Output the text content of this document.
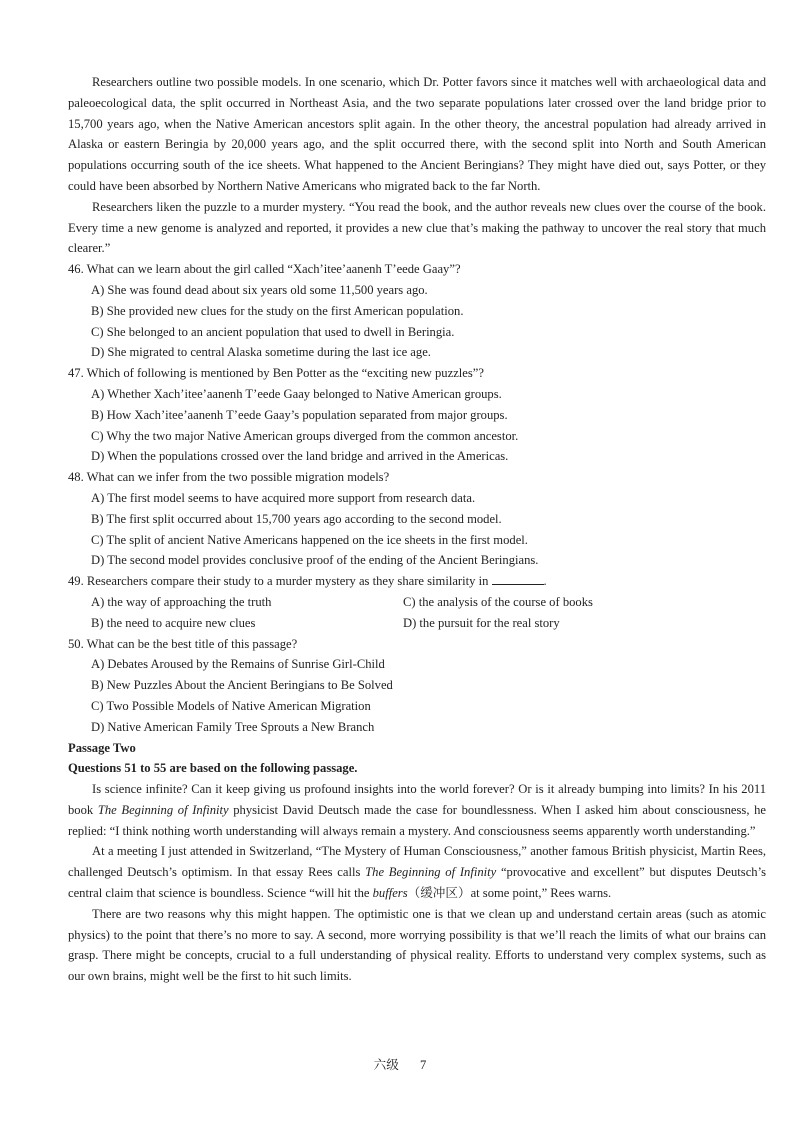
Researchers outline two possible models. In one scenario, which Dr. Potter favors since it matches well with archaeological data and paleoecological data, the split occurred in Northeast Asia, and the two separate populations later crossed over the land bridge prior to 15,700 years ago, when the Native American ancestors split again. In the other theory, the ancestral population had already arrived in Alaska or eastern Beringia by 20,000 years ago, and the split occurred there, with the second split into North and South American populations occurring south of the ice sheets. What happened to the Ancient Beringians? They might have died out, says Potter, or they could have been absorbed by Northern Native Americans who migrated back to the far North.

Researchers liken the puzzle to a murder mystery. “You read the book, and the author reveals new clues over the course of the book. Every time a new genome is analyzed and reported, it provides a new clue that’s making the pathway to uncover the real story that much clearer.”

46. What can we learn about the girl called “Xach’itee’aanenh T’eede Gaay”?

A) She was found dead about six years old some 11,500 years ago.

B) She provided new clues for the study on the first American population.

C) She belonged to an ancient population that used to dwell in Beringia.

D) She migrated to central Alaska sometime during the last ice age.

47. Which of following is mentioned by Ben Potter as the “exciting new puzzles”?

A) Whether Xach’itee’aanenh T’eede Gaay belonged to Native American groups.

B) How Xach’itee’aanenh T’eede Gaay’s population separated from major groups.

C) Why the two major Native American groups diverged from the common ancestor.

D) When the populations crossed over the land bridge and arrived in the Americas.

48. What can we infer from the two possible migration models?

A) The first model seems to have acquired more support from research data.

B) The first split occurred about 15,700 years ago according to the second model.

C) The split of ancient Native Americans happened on the ice sheets in the first model.

D) The second model provides conclusive proof of the ending of the Ancient Beringians.

49. Researchers compare their study to a murder mystery as they share similarity in	.

A) the way of approaching the truth	C) the analysis of the course of books
B) the need to acquire new clues	D) the pursuit for the real story

50. What can be the best title of this passage?

A) Debates Aroused by the Remains of Sunrise Girl-Child

B) New Puzzles About the Ancient Beringians to Be Solved

C) Two Possible Models of Native American Migration

D) Native American Family Tree Sprouts a New Branch

Passage Two

Questions 51 to 55 are based on the following passage.

Is science infinite? Can it keep giving us profound insights into the world forever? Or is it already bumping into limits? In his 2011 book The Beginning of Infinity physicist David Deutsch made the case for boundlessness. When I asked him about consciousness, he replied: “I think nothing worth understanding will always remain a mystery. And consciousness seems apparently worth understanding.”

At a meeting I just attended in Switzerland, “The Mystery of Human Consciousness,” another famous British physicist, Martin Rees, challenged Deutsch’s optimism. In that essay Rees calls The Beginning of Infinity “provocative and excellent” but disputes Deutsch’s central claim that science is boundless. Science “will hit the buffers（缓冲区）at some point,” Rees warns.

There are two reasons why this might happen. The optimistic one is that we clean up and understand certain areas (such as atomic physics) to the point that there’s no more to say. A second, more worrying possibility is that we’ll reach the limits of what our brains can grasp. There might be concepts, crucial to a full understanding of physical reality. Efforts to understand very complex systems, such as our own brains, might well be the first to hit such limits.

六级 7
